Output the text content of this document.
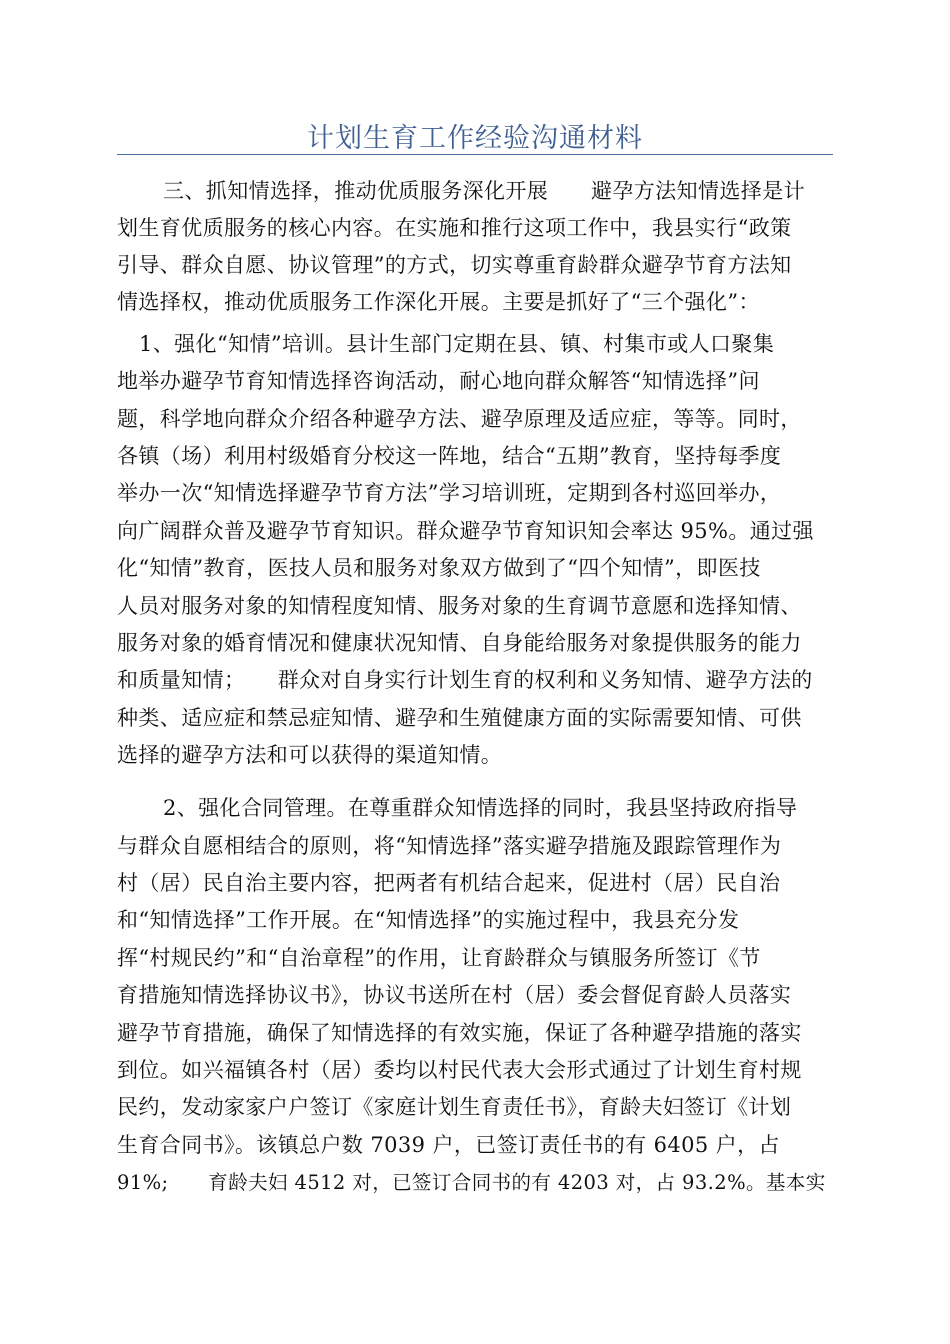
计划生育工作经验沟通材料
三、抓知情选择，推动优质服务深化开展　　避孕方法知情选择是计
划生育优质服务的核心内容。在实施和推行这项工作中，我县实行“政策
引导、群众自愿、协议管理”的方式，切实尊重育龄群众避孕节育方法知
情选择权，推动优质服务工作深化开展。主要是抓好了“三个强化”：
1、强化“知情”培训。县计生部门定期在县、镇、村集市或人口聚集
地举办避孕节育知情选择咨询活动，耐心地向群众解答“知情选择”问
题，科学地向群众介绍各种避孕方法、避孕原理及适应症，等等。同时，
各镇（场）利用村级婚育分校这一阵地，结合“五期”教育，坚持每季度
举办一次“知情选择避孕节育方法”学习培训班，定期到各村巡回举办，
向广阔群众普及避孕节育知识。群众避孕节育知识知会率达 95%。通过强
化“知情”教育，医技人员和服务对象双方做到了“四个知情”，即医技
人员对服务对象的知情程度知情、服务对象的生育调节意愿和选择知情、
服务对象的婚育情况和健康状况知情、自身能给服务对象提供服务的能力
和质量知情；　　群众对自身实行计划生育的权利和义务知情、避孕方法的
种类、适应症和禁忌症知情、避孕和生殖健康方面的实际需要知情、可供
选择的避孕方法和可以获得的渠道知情。
2、强化合同管理。在尊重群众知情选择的同时，我县坚持政府指导
与群众自愿相结合的原则，将“知情选择”落实避孕措施及跟踪管理作为
村（居）民自治主要内容，把两者有机结合起来，促进村（居）民自治
和“知情选择”工作开展。在“知情选择”的实施过程中，我县充分发
挥“村规民约”和“自治章程”的作用，让育龄群众与镇服务所签订《节
育措施知情选择协议书》，协议书送所在村（居）委会督促育龄人员落实
避孕节育措施，确保了知情选择的有效实施，保证了各种避孕措施的落实
到位。如兴福镇各村（居）委均以村民代表大会形式通过了计划生育村规
民约，发动家家户户签订《家庭计划生育责任书》，育龄夫妇签订《计划
生育合同书》。该镇总户数 7039 户，已签订责任书的有 6405 户，占
91%;　　育龄夫妇 4512 对，已签订合同书的有 4203 对，占 93.2%。基本实
